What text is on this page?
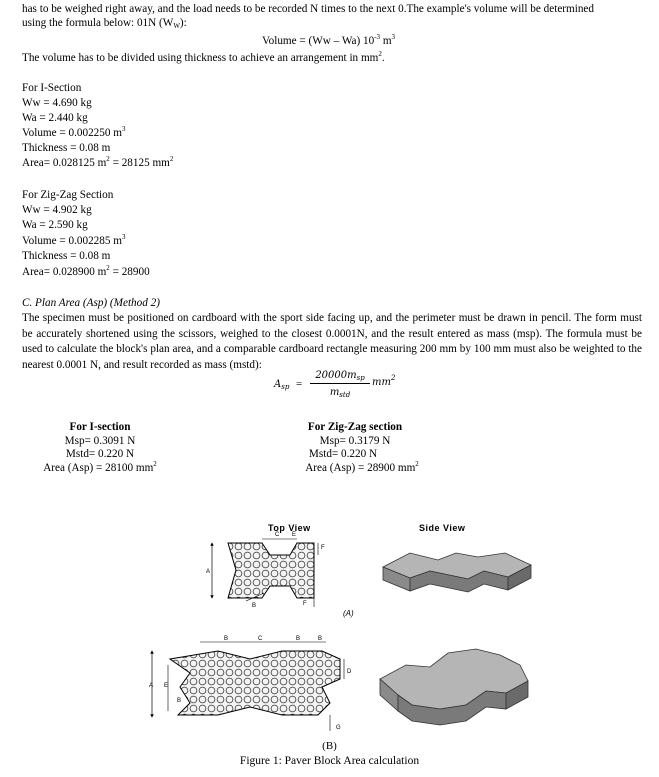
has to be weighed right away, and the load needs to be recorded N times to the next 0.The example's volume will be determined
using the formula below: 01N $(W_W)$:
Volume = (Ww – Wa) $10^{-3}$ $m^3$
The volume has to be divided using thickness to achieve an arrangement in $mm^2$.
For I-Section
Ww = 4.690 kg
Wa = 2.440 kg
Volume = 0.002250 $m^3$
Thickness = 0.08 m
Area= 0.028125 $m^2 = 28125$ $mm^2$
For Zig-Zag Section
Ww = 4.902 kg
Wa = 2.590 kg
Volume = 0.002285 $m^3$
Thickness = 0.08 m
Area= 0.028900 $m^2 = 28900$
C. Plan Area (Asp) (Method 2)
The specimen must be positioned on cardboard with the sport side facing up, and the perimeter must be drawn in pencil. The form must be accurately shortened using the scissors, weighed to the closest 0.0001N, and the result entered as mass (msp). The formula must be used to calculate the block's plan area, and a comparable cardboard rectangle measuring 200 mm by 100 mm must also be weighted to the nearest 0.0001 N, and result recorded as mass (mstd):
$A_{sp}$ =
$20000m_{sp}$
$m_{std}$
$mm^2$
For I-section
Msp= 0.3091 N
Mstd= 0.220 N
Area (Asp) = 28100 $mm^2$
For Zig-Zag section
Msp= 0.3179 N
Mstd= 0.220 N
Area (Asp) = 28900 $mm^2$
Top View	Side View
A
C E
F
F
B
(A)
A E
B
B	C	B	B
D
G
(B)
Figure 1: Paver Block Area calculation
